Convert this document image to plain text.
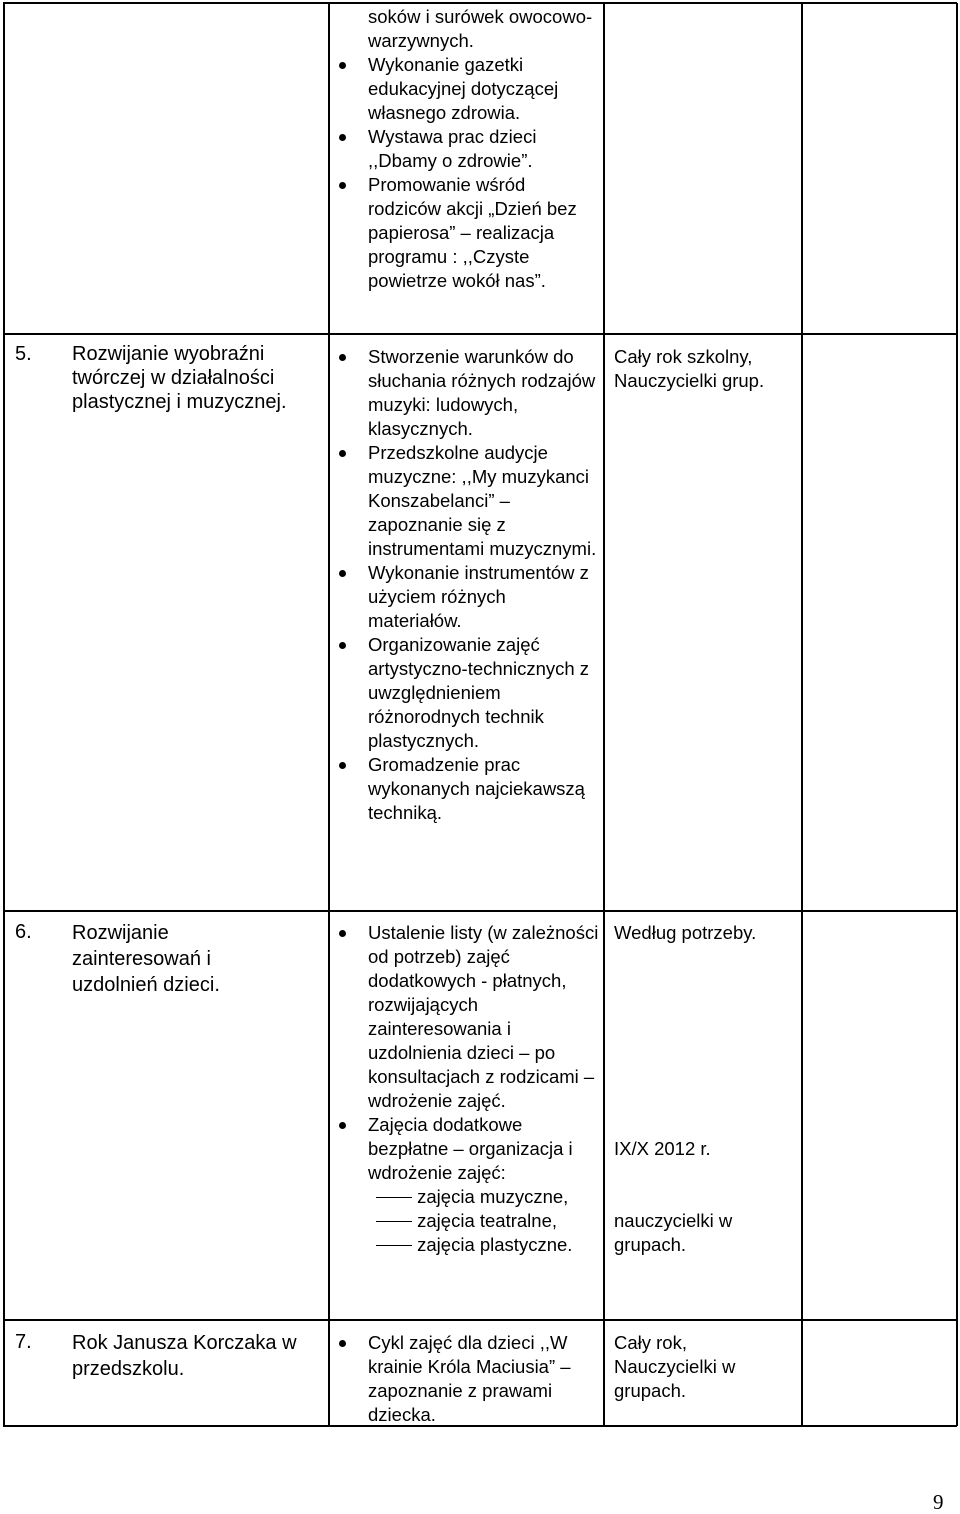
soków i surówek owocowo-warzywnych.
Wykonanie gazetki edukacyjnej dotyczącej własnego zdrowia.
Wystawa prac dzieci ,,Dbamy o zdrowie”.
Promowanie wśród rodziców akcji „Dzień bez papierosa” – realizacja programu : ,,Czyste powietrze wokół nas”.
5. Rozwijanie wyobraźni twórczej w działalności plastycznej i muzycznej.
Stworzenie warunków do słuchania różnych rodzajów muzyki: ludowych, klasycznych.
Przedszkolne audycje muzyczne: ,,My muzykanci Konszabelanci” – zapoznanie się z instrumentami muzycznymi.
Wykonanie instrumentów z użyciem różnych materiałów.
Organizowanie zajęć artystyczno-technicznych z uwzględnieniem różnorodnych technik plastycznych.
Gromadzenie prac wykonanych najciekawszą techniką.
Cały rok szkolny, Nauczycielki grup.
6. Rozwijanie zainteresowań i uzdolnień dzieci.
Ustalenie listy (w zależności od potrzeb) zajęć dodatkowych - płatnych, rozwijających zainteresowania i uzdolnienia dzieci – po konsultacjach z rodzicami – wdrożenie zajęć.
Zajęcia dodatkowe bezpłatne – organizacja i wdrożenie zajęć:
zajęcia muzyczne,
zajęcia teatralne,
zajęcia plastyczne.
Według potrzeby.
IX/X 2012 r.
nauczycielki w grupach.
7. Rok Janusza Korczaka w przedszkolu.
Cykl zajęć dla dzieci ,,W krainie Króla Maciusia” – zapoznanie z prawami dziecka.
Cały rok, Nauczycielki w grupach.
9
